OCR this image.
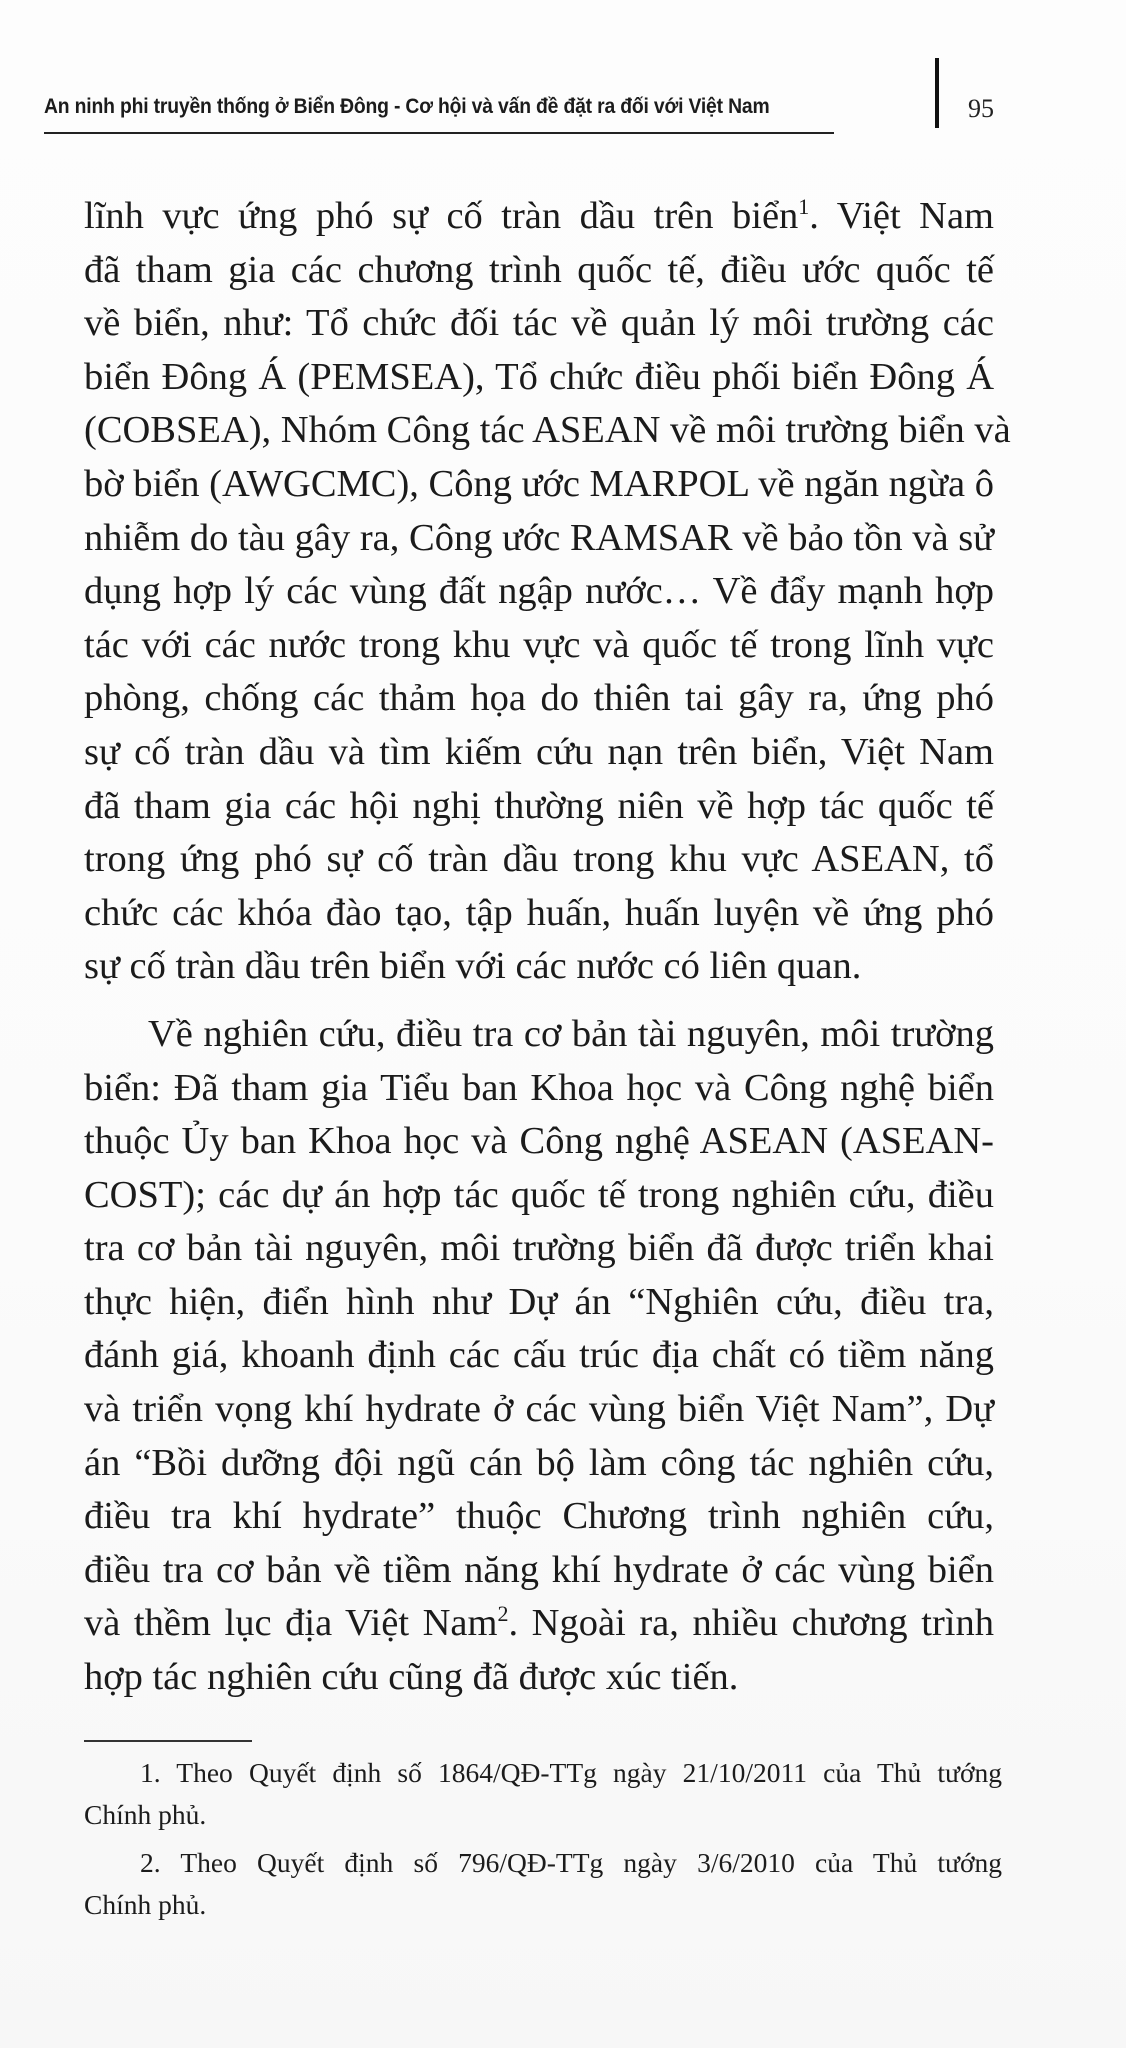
An ninh phi truyền thống ở Biển Đông - Cơ hội và vấn đề đặt ra đối với Việt Nam	95
lĩnh vực ứng phó sự cố tràn dầu trên biển$^1$. Việt Nam
đã tham gia các chương trình quốc tế, điều ước quốc tế
về biển, như: Tổ chức đối tác về quản lý môi trường các
biển Đông Á (PEMSEA), Tổ chức điều phối biển Đông Á
(COBSEA), Nhóm Công tác ASEAN về môi trường biển và
bờ biển (AWGCMC), Công ước MARPOL về ngăn ngừa ô
nhiễm do tàu gây ra, Công ước RAMSAR về bảo tồn và sử
dụng hợp lý các vùng đất ngập nước… Về đẩy mạnh hợp
tác với các nước trong khu vực và quốc tế trong lĩnh vực
phòng, chống các thảm họa do thiên tai gây ra, ứng phó
sự cố tràn dầu và tìm kiếm cứu nạn trên biển, Việt Nam
đã tham gia các hội nghị thường niên về hợp tác quốc tế
trong ứng phó sự cố tràn dầu trong khu vực ASEAN, tổ
chức các khóa đào tạo, tập huấn, huấn luyện về ứng phó
sự cố tràn dầu trên biển với các nước có liên quan.
Về nghiên cứu, điều tra cơ bản tài nguyên, môi trường
biển: Đã tham gia Tiểu ban Khoa học và Công nghệ biển
thuộc Ủy ban Khoa học và Công nghệ ASEAN (ASEAN-
COST); các dự án hợp tác quốc tế trong nghiên cứu, điều
tra cơ bản tài nguyên, môi trường biển đã được triển khai
thực hiện, điển hình như Dự án “Nghiên cứu, điều tra,
đánh giá, khoanh định các cấu trúc địa chất có tiềm năng
và triển vọng khí hydrate ở các vùng biển Việt Nam”, Dự
án “Bồi dưỡng đội ngũ cán bộ làm công tác nghiên cứu,
điều tra khí hydrate” thuộc Chương trình nghiên cứu,
điều tra cơ bản về tiềm năng khí hydrate ở các vùng biển
và thềm lục địa Việt Nam$^2$. Ngoài ra, nhiều chương trình
hợp tác nghiên cứu cũng đã được xúc tiến.
1. Theo Quyết định số 1864/QĐ-TTg ngày 21/10/2011 của Thủ tướng
Chính phủ.
2. Theo Quyết định số 796/QĐ-TTg ngày 3/6/2010 của Thủ tướng
Chính phủ.
